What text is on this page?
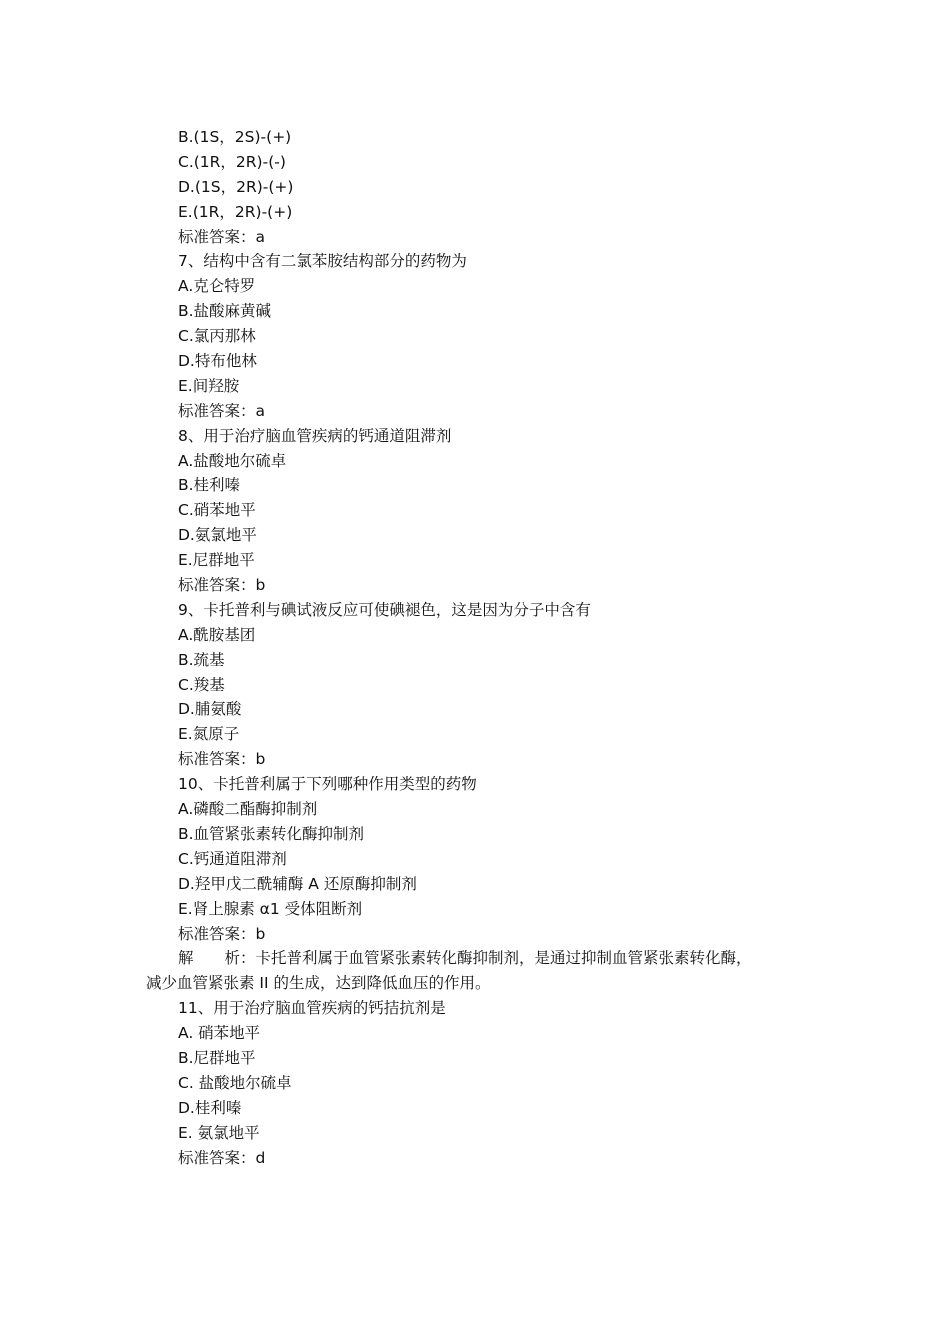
B.(1S，2S)-(+)
C.(1R，2R)-(-)
D.(1S，2R)-(+)
E.(1R，2R)-(+)
标准答案：a
7、结构中含有二氯苯胺结构部分的药物为
A.克仑特罗
B.盐酸麻黄碱
C.氯丙那林
D.特布他林
E.间羟胺
标准答案：a
8、用于治疗脑血管疾病的钙通道阻滞剂
A.盐酸地尔硫卓
B.桂利嗪
C.硝苯地平
D.氨氯地平
E.尼群地平
标准答案：b
9、卡托普利与碘试液反应可使碘褪色，这是因为分子中含有
A.酰胺基团
B.巯基
C.羧基
D.脯氨酸
E.氮原子
标准答案：b
10、卡托普利属于下列哪种作用类型的药物
A.磷酸二酯酶抑制剂
B.血管紧张素转化酶抑制剂
C.钙通道阻滞剂
D.羟甲戊二酰辅酶 A 还原酶抑制剂
E.肾上腺素 α1 受体阻断剂
标准答案：b
解　　析：卡托普利属于血管紧张素转化酶抑制剂，是通过抑制血管紧张素转化酶，
减少血管紧张素 II 的生成，达到降低血压的作用。
11、用于治疗脑血管疾病的钙拮抗剂是
A. 硝苯地平
B.尼群地平
C. 盐酸地尔硫卓
D.桂利嗪
E. 氨氯地平
标准答案：d
